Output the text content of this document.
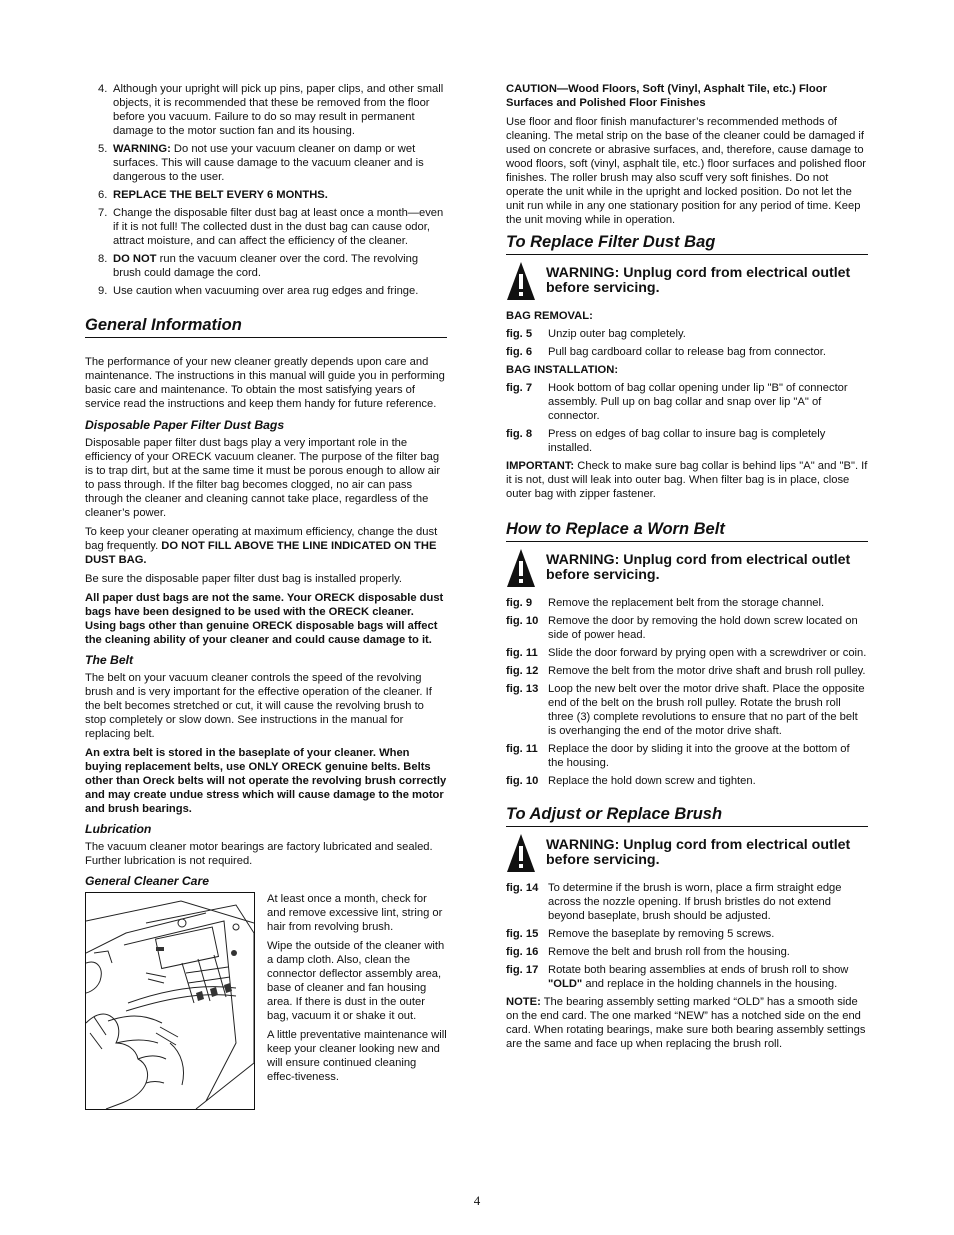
4. Although your upright will pick up pins, paper clips, and other small objects, it is recommended that these be removed from the floor before you vacuum. Failure to do so may result in permanent damage to the motor suction fan and its housing.
5. WARNING: Do not use your vacuum cleaner on damp or wet surfaces. This will cause damage to the vacuum cleaner and is dangerous to the user.
6. REPLACE THE BELT EVERY 6 MONTHS.
7. Change the disposable filter dust bag at least once a month—even if it is not full! The collected dust in the dust bag can cause odor, attract moisture, and can affect the efficiency of the cleaner.
8. DO NOT run the vacuum cleaner over the cord. The revolving brush could damage the cord.
9. Use caution when vacuuming over area rug edges and fringe.
General Information

The performance of your new cleaner greatly depends upon care and maintenance. The instructions in this manual will guide you in performing basic care and maintenance. To obtain the most satisfying years of service read the instructions and keep them handy for future reference.

Disposable Paper Filter Dust Bags

Disposable paper filter dust bags play a very important role in the efficiency of your ORECK vacuum cleaner. The purpose of the filter bag is to trap dirt, but at the same time it must be porous enough to allow air to pass through. If the filter bag becomes clogged, no air can pass through the cleaner and cleaning cannot take place, regardless of the cleaner’s power.

To keep your cleaner operating at maximum efficiency, change the dust bag frequently. DO NOT FILL ABOVE THE LINE INDICATED ON THE DUST BAG.

Be sure the disposable paper filter dust bag is installed properly.

All paper dust bags are not the same. Your ORECK disposable dust bags have been designed to be used with the ORECK cleaner. Using bags other than genuine ORECK disposable bags will affect the cleaning ability of your cleaner and could cause damage to it.

The Belt

The belt on your vacuum cleaner controls the speed of the revolving brush and is very important for the effective operation of the cleaner. If the belt becomes stretched or cut, it will cause the revolving brush to stop completely or slow down. See instructions in the manual for replacing belt.

An extra belt is stored in the baseplate of your cleaner. When buying replacement belts, use ONLY ORECK genuine belts. Belts other than Oreck belts will not operate the revolving brush correctly and may create undue stress which will cause damage to the motor and brush bearings.

Lubrication

The vacuum cleaner motor bearings are factory lubricated and sealed. Further lubrication is not required.

General Cleaner Care

At least once a month, check for and remove excessive lint, string or hair from revolving brush.

Wipe the outside of the cleaner with a damp cloth. Also, clean the connector deflector assembly area, base of cleaner and fan housing area. If there is dust in the outer bag, vacuum it or shake it out.

A little preventative maintenance will keep your cleaner looking new and will ensure continued cleaning effec-tiveness.

CAUTION—Wood Floors, Soft (Vinyl, Asphalt Tile, etc.) Floor Surfaces and Polished Floor Finishes

Use floor and floor finish manufacturer’s recommended methods of cleaning. The metal strip on the base of the cleaner could be damaged if used on concrete or abrasive surfaces, and, therefore, cause damage to wood floors, soft (vinyl, asphalt tile, etc.) floor surfaces and polished floor finishes. The roller brush may also scuff very soft finishes. Do not operate the unit while in the upright and locked position. Do not let the unit run while in any one stationary position for any period of time. Keep the unit moving while in operation.

To Replace Filter Dust Bag
WARNING: Unplug cord from electrical outlet before servicing.
BAG REMOVAL:
fig. 5	Unzip outer bag completely.
fig. 6	Pull bag cardboard collar to release bag from connector.
BAG INSTALLATION:
fig. 7	Hook bottom of bag collar opening under lip "B" of connector assembly. Pull up on bag collar and snap over lip "A" of connector.
fig. 8	Press on edges of bag collar to insure bag is completely installed.

IMPORTANT: Check to make sure bag collar is behind lips "A" and "B". If it is not, dust will leak into outer bag. When filter bag is in place, close outer bag with zipper fastener.

How to Replace a Worn Belt
WARNING: Unplug cord from electrical outlet before servicing.
fig. 9	Remove the replacement belt from the storage channel.
fig. 10 Remove the door by removing the hold down screw located on side of power head.
fig. 11 Slide the door forward by prying open with a screwdriver or coin.
fig. 12 Remove the belt from the motor drive shaft and brush roll pulley.
fig. 13 Loop the new belt over the motor drive shaft. Place the opposite end of the belt on the brush roll pulley. Rotate the brush roll three (3) complete revolutions to ensure that no part of the belt is overhanging the end of the motor drive shaft.
fig. 11 Replace the door by sliding it into the groove at the bottom of the housing.
fig. 10 Replace the hold down screw and tighten.
To Adjust or Replace Brush
WARNING: Unplug cord from electrical outlet before servicing.
fig. 14 To determine if the brush is worn, place a firm straight edge across the nozzle opening. If brush bristles do not extend beyond baseplate, brush should be adjusted.
fig. 15 Remove the baseplate by removing 5 screws.
fig. 16 Remove the belt and brush roll from the housing.
fig. 17 Rotate both bearing assemblies at ends of brush roll to show "OLD" and replace in the holding channels in the housing.

NOTE: The bearing assembly setting marked “OLD” has a smooth side on the end card. The one marked “NEW” has a notched side on the end card. When rotating bearings, make sure both bearing assembly settings are the same and face up when replacing the brush roll.

4
